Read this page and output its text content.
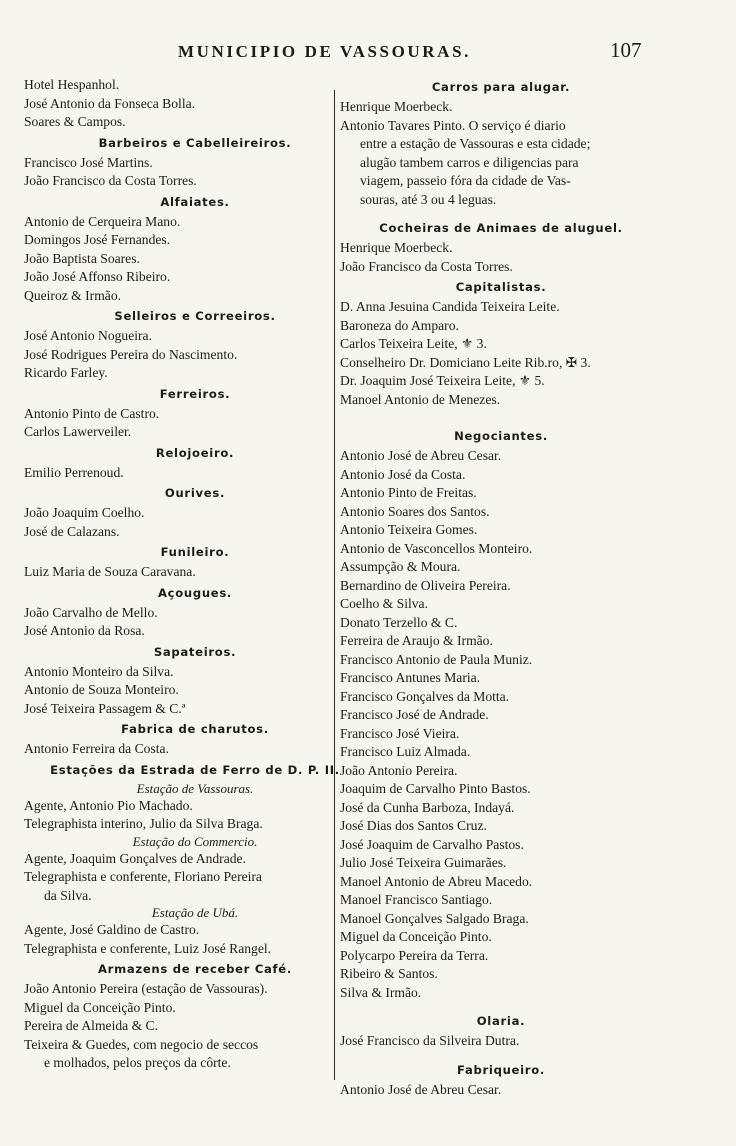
MUNICIPIO DE VASSOURAS.	107
Hotel Hespanhol.
José Antonio da Fonseca Bolla.
Soares & Campos.
Barbeiros e Cabelleireiros.
Francisco José Martins.
João Francisco da Costa Torres.
Alfaiates.
Antonio de Cerqueira Mano.
Domingos José Fernandes.
João Baptista Soares.
João José Affonso Ribeiro.
Queiroz & Irmão.
Selleiros e Correeiros.
José Antonio Nogueira.
José Rodrigues Pereira do Nascimento.
Ricardo Farley.
Ferreiros.
Antonio Pinto de Castro.
Carlos Lawerveiler.
Relojoeiro.
Emilio Perrenoud.
Ourives.
João Joaquim Coelho.
José de Calazans.
Funileiro.
Luiz Maria de Souza Caravana.
Açougues.
João Carvalho de Mello.
José Antonio da Rosa.
Sapateiros.
Antonio Monteiro da Silva.
Antonio de Souza Monteiro.
José Teixeira Passagem & C.ª
Fabrica de charutos.
Antonio Ferreira da Costa.
Estações da Estrada de Ferro de D. P. II.
Estação de Vassouras.
Agente, Antonio Pio Machado.
Telegraphista interino, Julio da Silva Braga.
Estação do Commercio.
Agente, Joaquim Gonçalves de Andrade.
Telegraphista e conferente, Floriano Pereira
da Silva.
Estação de Ubá.
Agente, José Galdino de Castro.
Telegraphista e conferente, Luiz José Rangel.
Armazens de receber Café.
João Antonio Pereira (estação de Vassouras).
Miguel da Conceição Pinto.
Pereira de Almeida & C.
Teixeira & Guedes, com negocio de seccos
e molhados, pelos preços da côrte.
Carros para alugar.
Henrique Moerbeck.
Antonio Tavares Pinto. O serviço é diario
entre a estação de Vassouras e esta cidade;
alugão tambem carros e diligencias para
viagem, passeio fóra da cidade de Vas-
souras, até 3 ou 4 leguas.
Cocheiras de Animaes de aluguel.
Henrique Moerbeck.
João Francisco da Costa Torres.
Capitalistas.
D. Anna Jesuina Candida Teixeira Leite.
Baroneza do Amparo.
Carlos Teixeira Leite, ⚜ 3.
Conselheiro Dr. Domiciano Leite Rib.ro, ✠ 3.
Dr. Joaquim José Teixeira Leite, ⚜ 5.
Manoel Antonio de Menezes.
Negociantes.
Antonio José de Abreu Cesar.
Antonio José da Costa.
Antonio Pinto de Freitas.
Antonio Soares dos Santos.
Antonio Teixeira Gomes.
Antonio de Vasconcellos Monteiro.
Assumpção & Moura.
Bernardino de Oliveira Pereira.
Coelho & Silva.
Donato Terzello & C.
Ferreira de Araujo & Irmão.
Francisco Antonio de Paula Muniz.
Francisco Antunes Maria.
Francisco Gonçalves da Motta.
Francisco José de Andrade.
Francisco José Vieira.
Francisco Luiz Almada.
João Antonio Pereira.
Joaquim de Carvalho Pinto Bastos.
José da Cunha Barboza, Indayá.
José Dias dos Santos Cruz.
José Joaquim de Carvalho Pastos.
Julio José Teixeira Guimarães.
Manoel Antonio de Abreu Macedo.
Manoel Francisco Santiago.
Manoel Gonçalves Salgado Braga.
Miguel da Conceição Pinto.
Polycarpo Pereira da Terra.
Ribeiro & Santos.
Silva & Irmão.
Olaria.
José Francisco da Silveira Dutra.
Fabriqueiro.
Antonio José de Abreu Cesar.
